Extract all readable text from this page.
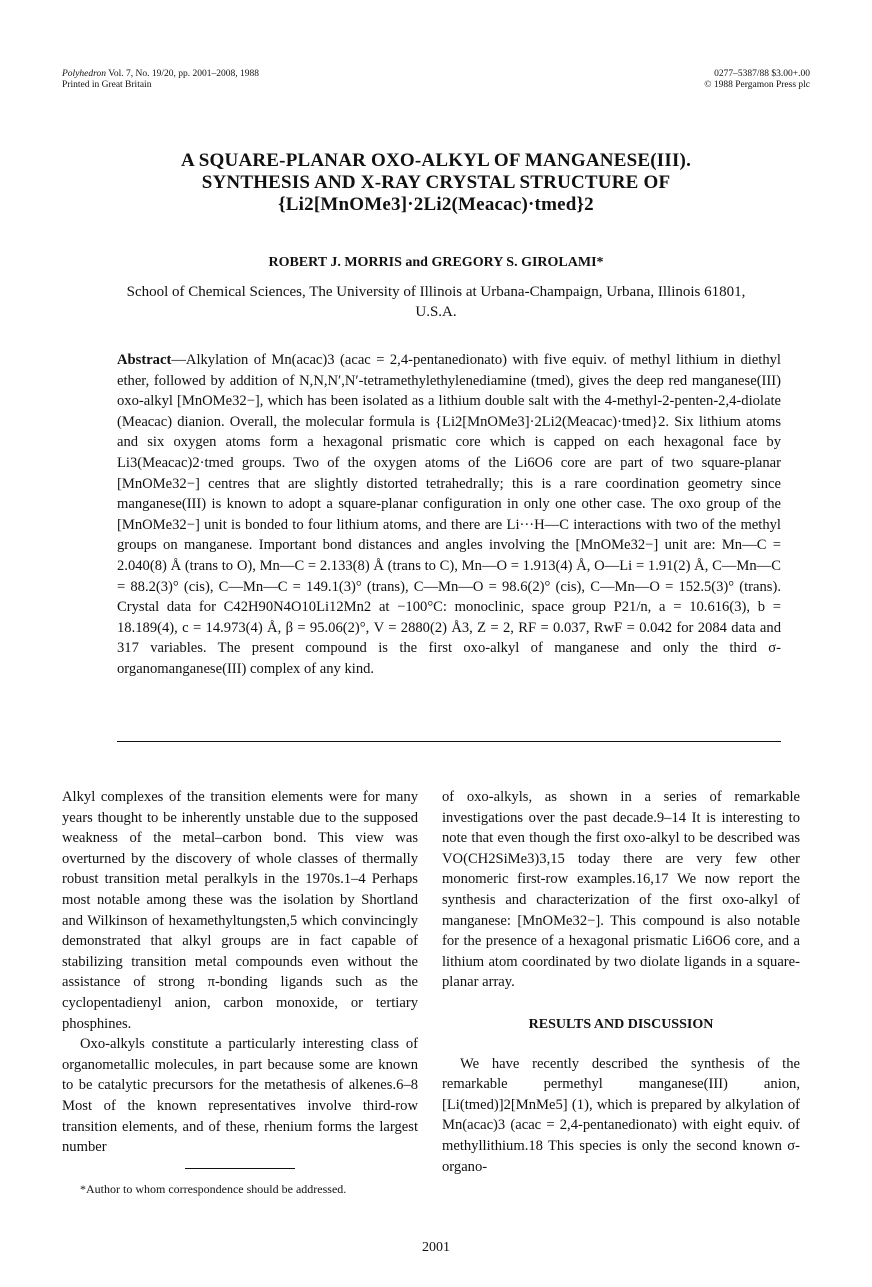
Polyhedron Vol. 7, No. 19/20, pp. 2001–2008, 1988
Printed in Great Britain
0277–5387/88 $3.00+.00
© 1988 Pergamon Press plc
A SQUARE-PLANAR OXO-ALKYL OF MANGANESE(III).
SYNTHESIS AND X-RAY CRYSTAL STRUCTURE OF
{Li2[MnOMe3]·2Li2(Meacac)·tmed}2
ROBERT J. MORRIS and GREGORY S. GIROLAMI*
School of Chemical Sciences, The University of Illinois at Urbana-Champaign, Urbana, Illinois 61801, U.S.A.
Abstract—Alkylation of Mn(acac)3 (acac = 2,4-pentanedionato) with five equiv. of methyl lithium in diethyl ether, followed by addition of N,N,N′,N′-tetramethylethylenediamine (tmed), gives the deep red manganese(III) oxo-alkyl [MnOMe32−], which has been isolated as a lithium double salt with the 4-methyl-2-penten-2,4-diolate (Meacac) dianion. Overall, the molecular formula is {Li2[MnOMe3]·2Li2(Meacac)·tmed}2. Six lithium atoms and six oxygen atoms form a hexagonal prismatic core which is capped on each hexagonal face by Li3(Meacac)2·tmed groups. Two of the oxygen atoms of the Li6O6 core are part of two square-planar [MnOMe32−] centres that are slightly distorted tetrahedrally; this is a rare coordination geometry since manganese(III) is known to adopt a square-planar configuration in only one other case. The oxo group of the [MnOMe32−] unit is bonded to four lithium atoms, and there are Li···H—C interactions with two of the methyl groups on manganese. Important bond distances and angles involving the [MnOMe32−] unit are: Mn—C = 2.040(8) Å (trans to O), Mn—C = 2.133(8) Å (trans to C), Mn—O = 1.913(4) Å, O—Li = 1.91(2) Å, C—Mn—C = 88.2(3)° (cis), C—Mn—C = 149.1(3)° (trans), C—Mn—O = 98.6(2)° (cis), C—Mn—O = 152.5(3)° (trans). Crystal data for C42H90N4O10Li12Mn2 at −100°C: monoclinic, space group P21/n, a = 10.616(3), b = 18.189(4), c = 14.973(4) Å, β = 95.06(2)°, V = 2880(2) Å3, Z = 2, RF = 0.037, RwF = 0.042 for 2084 data and 317 variables. The present compound is the first oxo-alkyl of manganese and only the third σ-organomanganese(III) complex of any kind.

Alkyl complexes of the transition elements were for many years thought to be inherently unstable due to the supposed weakness of the metal–carbon bond. This view was overturned by the discovery of whole classes of thermally robust transition metal peralkyls in the 1970s.1–4 Perhaps most notable among these was the isolation by Shortland and Wilkinson of hexamethyltungsten,5 which convincingly demonstrated that alkyl groups are in fact capable of stabilizing transition metal compounds even without the assistance of strong π-bonding ligands such as the cyclopentadienyl anion, carbon monoxide, or tertiary phosphines.

Oxo-alkyls constitute a particularly interesting class of organometallic molecules, in part because some are known to be catalytic precursors for the metathesis of alkenes.6–8 Most of the known representatives involve third-row transition elements, and of these, rhenium forms the largest number

*Author to whom correspondence should be addressed.

of oxo-alkyls, as shown in a series of remarkable investigations over the past decade.9–14 It is interesting to note that even though the first oxo-alkyl to be described was VO(CH2SiMe3)3,15 today there are very few other monomeric first-row examples.16,17 We now report the synthesis and characterization of the first oxo-alkyl of manganese: [MnOMe32−]. This compound is also notable for the presence of a hexagonal prismatic Li6O6 core, and a lithium atom coordinated by two diolate ligands in a square-planar array.

RESULTS AND DISCUSSION

We have recently described the synthesis of the remarkable permethyl manganese(III) anion, [Li(tmed)]2[MnMe5] (1), which is prepared by alkylation of Mn(acac)3 (acac = 2,4-pentanedionato) with eight equiv. of methyllithium.18 This species is only the second known σ-organo-

2001
